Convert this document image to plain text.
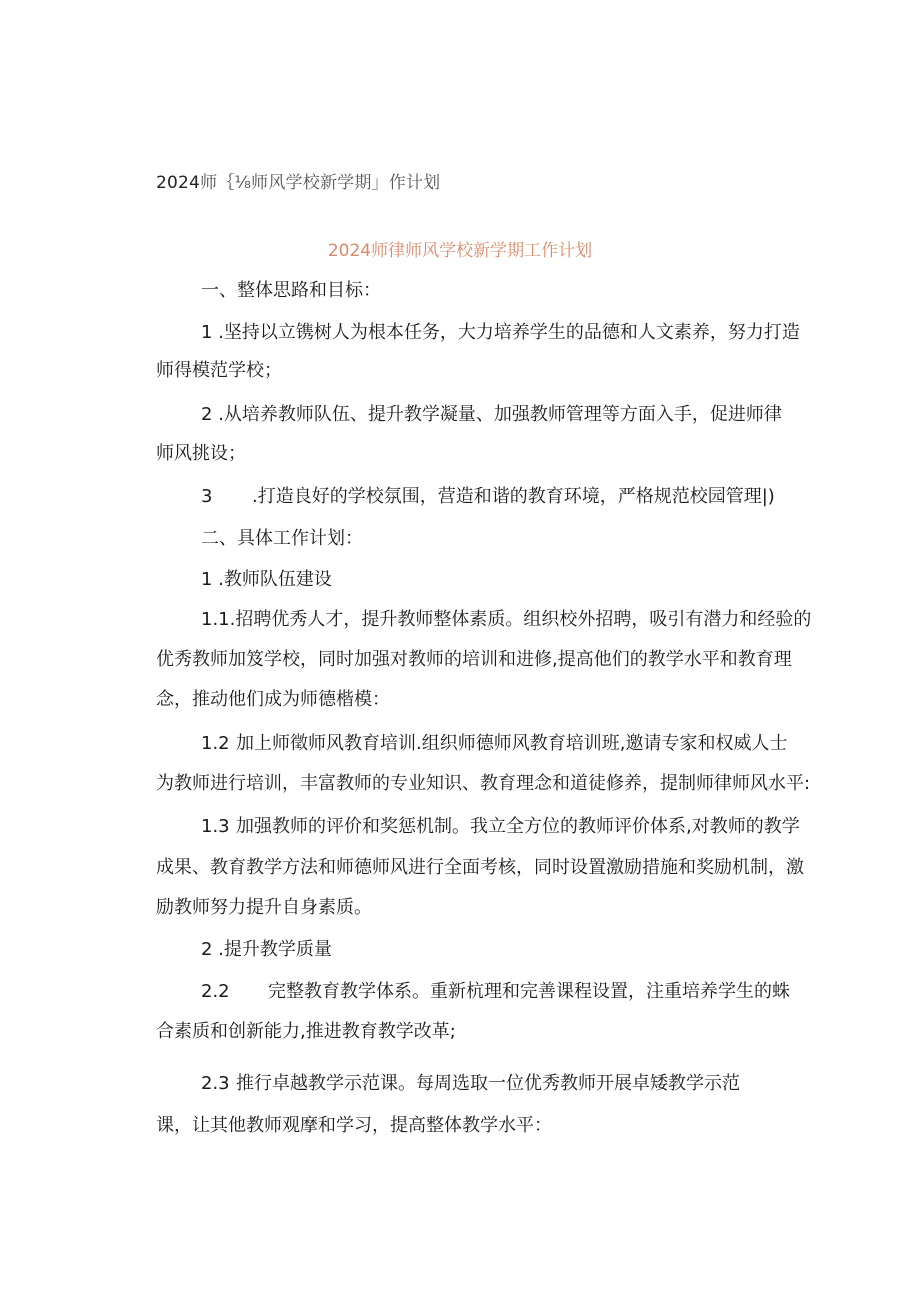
2024师｛⅛师风学校新学期」作计划
2024师律师风学校新学期工作计划
一、整体思路和目标：
1 .坚持以立镌树人为根本任务，大力培养学生的品德和人文素养，努力打造
师得模范学校；
2 .从培养教师队伍、提升教学凝量、加强教师管理等方面入手，促进师律
师风挑设；
3 .打造良好的学校氛围，营造和谐的教育环境，严格规范校园管理|)
二、具体工作计划：
1 .教师队伍建设
1.1.招聘优秀人才，提升教师整体素质。组织校外招聘，吸引有潜力和经验的
优秀教师加笈学校，同时加强对教师的培训和进修,提高他们的教学水平和教育理
念，推动他们成为师德楷模：
1.2 加上师徵师风教育培训.组织师德师风教育培训班,邀请专家和权威人士
为教师进行培训，丰富教师的专业知识、教育理念和道徒修养，提制师律师风水平:
1.3 加强教师的评价和奖惩机制。我立全方位的教师评价体系,对教师的教学
成果、教育教学方法和师德师风进行全面考核，同时设置激励措施和奖励机制，激
励教师努力提升自身素质。
2 .提升教学质量
2.2 完整教育教学体系。重新杭理和完善课程设置，注重培养学生的蛛
合素质和创新能力,推进教育教学改革;
2.3 推行卓越教学示范课。每周选取一位优秀教师开展卓矮教学示范
课，让其他教师观摩和学习，提高整体教学水平：
